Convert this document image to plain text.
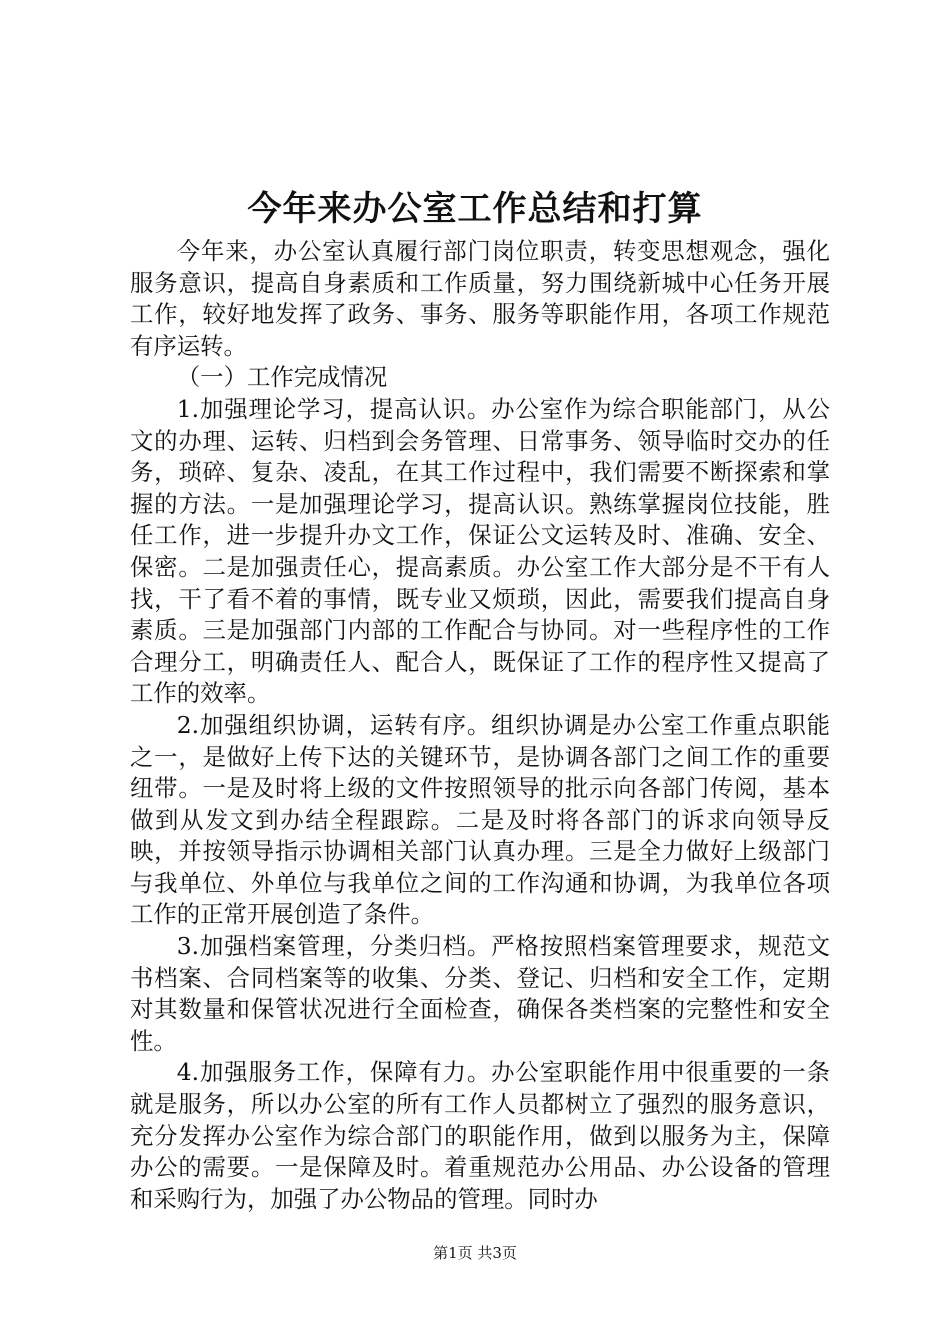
今年来办公室工作总结和打算

今年来，办公室认真履行部门岗位职责，转变思想观念，强化服务意识，提高自身素质和工作质量，努力围绕新城中心任务开展工作，较好地发挥了政务、事务、服务等职能作用，各项工作规范有序运转。

（一）工作完成情况

1.加强理论学习，提高认识。办公室作为综合职能部门，从公文的办理、运转、归档到会务管理、日常事务、领导临时交办的任务，琐碎、复杂、凌乱，在其工作过程中，我们需要不断探索和掌握的方法。一是加强理论学习，提高认识。熟练掌握岗位技能，胜任工作，进一步提升办文工作，保证公文运转及时、准确、安全、保密。二是加强责任心，提高素质。办公室工作大部分是不干有人找，干了看不着的事情，既专业又烦琐，因此，需要我们提高自身素质。三是加强部门内部的工作配合与协同。对一些程序性的工作合理分工，明确责任人、配合人，既保证了工作的程序性又提高了工作的效率。

2.加强组织协调，运转有序。组织协调是办公室工作重点职能之一，是做好上传下达的关键环节，是协调各部门之间工作的重要纽带。一是及时将上级的文件按照领导的批示向各部门传阅，基本做到从发文到办结全程跟踪。二是及时将各部门的诉求向领导反映，并按领导指示协调相关部门认真办理。三是全力做好上级部门与我单位、外单位与我单位之间的工作沟通和协调，为我单位各项工作的正常开展创造了条件。

3.加强档案管理，分类归档。严格按照档案管理要求，规范文书档案、合同档案等的收集、分类、登记、归档和安全工作，定期对其数量和保管状况进行全面检查，确保各类档案的完整性和安全性。

4.加强服务工作，保障有力。办公室职能作用中很重要的一条就是服务，所以办公室的所有工作人员都树立了强烈的服务意识，充分发挥办公室作为综合部门的职能作用，做到以服务为主，保障办公的需要。一是保障及时。着重规范办公用品、办公设备的管理和采购行为，加强了办公物品的管理。同时办

第1页 共3页
